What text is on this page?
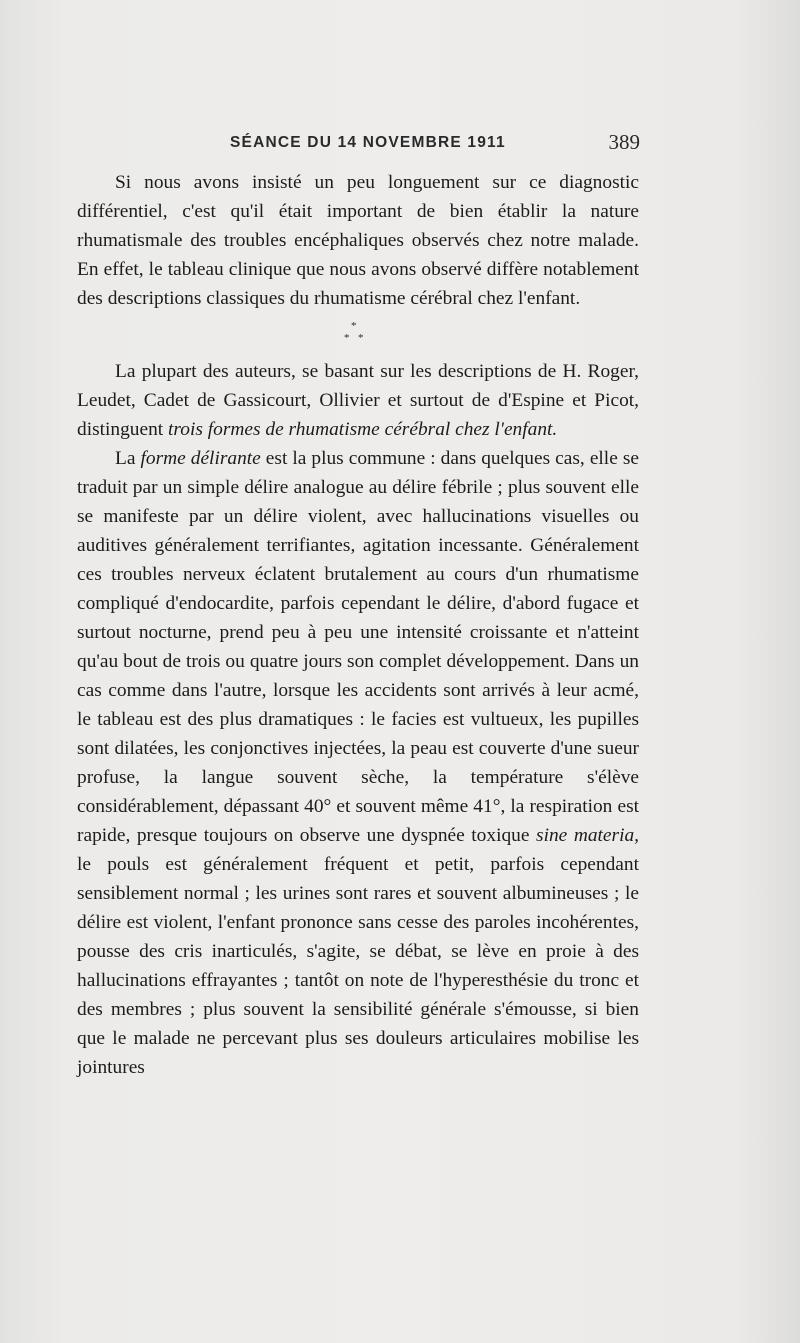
SÉANCE DU 14 NOVEMBRE 1911	389

Si nous avons insisté un peu longuement sur ce diagnostic différentiel, c'est qu'il était important de bien établir la nature rhumatismale des troubles encéphaliques observés chez notre malade. En effet, le tableau clinique que nous avons observé diffère notablement des descriptions classiques du rhumatisme cérébral chez l'enfant.

*
* *

La plupart des auteurs, se basant sur les descriptions de H. Roger, Leudet, Cadet de Gassicourt, Ollivier et surtout de d'Espine et Picot, distinguent trois formes de rhumatisme cérébral chez l'enfant.

La forme délirante est la plus commune : dans quelques cas, elle se traduit par un simple délire analogue au délire fébrile ; plus souvent elle se manifeste par un délire violent, avec hallucinations visuelles ou auditives généralement terrifiantes, agitation incessante. Généralement ces troubles nerveux éclatent brutalement au cours d'un rhumatisme compliqué d'endocardite, parfois cependant le délire, d'abord fugace et surtout nocturne, prend peu à peu une intensité croissante et n'atteint qu'au bout de trois ou quatre jours son complet développement. Dans un cas comme dans l'autre, lorsque les accidents sont arrivés à leur acmé, le tableau est des plus dramatiques : le facies est vultueux, les pupilles sont dilatées, les conjonctives injectées, la peau est couverte d'une sueur profuse, la langue souvent sèche, la température s'élève considérablement, dépassant 40° et souvent même 41°, la respiration est rapide, presque toujours on observe une dyspnée toxique sine materia, le pouls est généralement fréquent et petit, parfois cependant sensiblement normal ; les urines sont rares et souvent albumineuses ; le délire est violent, l'enfant prononce sans cesse des paroles incohérentes, pousse des cris inarticulés, s'agite, se débat, se lève en proie à des hallucinations effrayantes ; tantôt on note de l'hyperesthésie du tronc et des membres ; plus souvent la sensibilité générale s'émousse, si bien que le malade ne percevant plus ses douleurs articulaires mobilise les jointures
